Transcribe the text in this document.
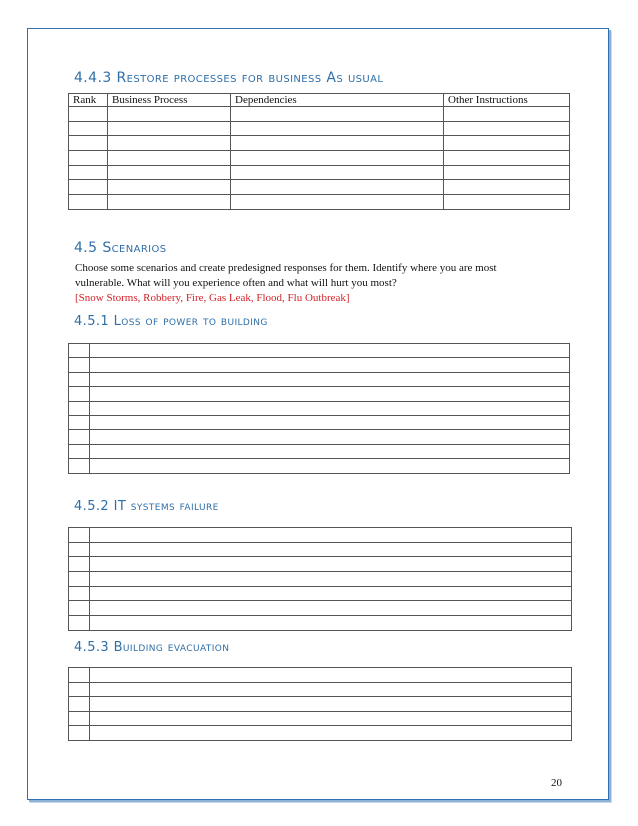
4.4.3 Restore processes for business As usual
Rank	Business Process	Dependencies	Other Instructions

4.5 Scenarios
Choose some scenarios and create predesigned responses for them. Identify where you are most
vulnerable. What will you experience often and what will hurt you most?
[Snow Storms, Robbery, Fire, Gas Leak, Flood, Flu Outbreak]
4.5.1 Loss of power to building

4.5.2 IT systems failure

4.5.3 Building evacuation

20
